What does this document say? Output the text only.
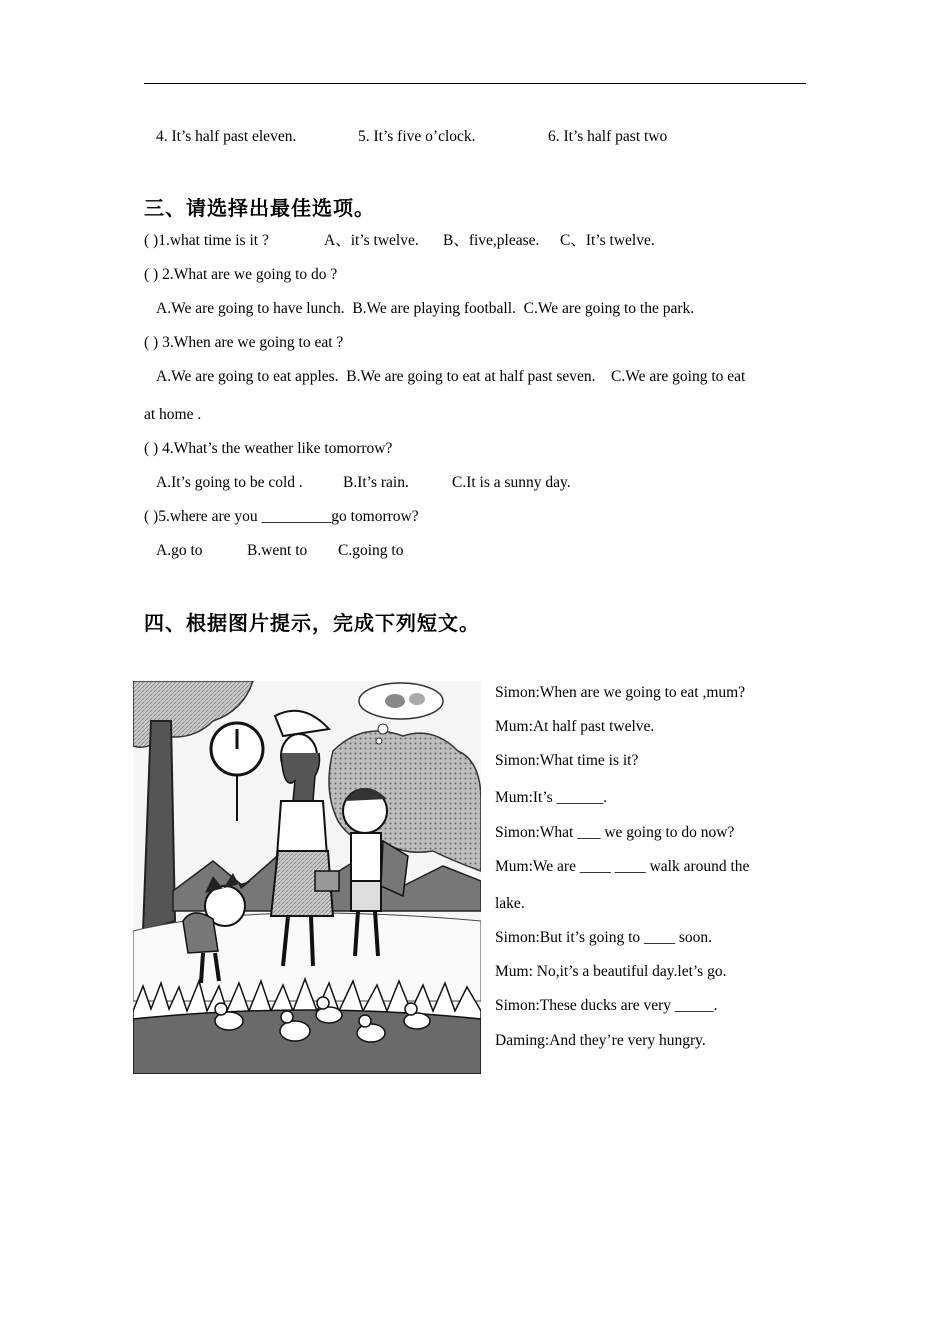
4. It’s half past eleven.	5. It’s five o’clock.	6. It’s half past two
三、请选择出最佳选项。
( )1.what time is it ?	A、it’s twelve. B、five,please. C、It’s twelve.
( ) 2.What are we going to do ?
A.We are going to have lunch.  B.We are playing football.  C.We are going to the park.
( ) 3.When are we going to eat ?
A.We are going to eat apples.  B.We are going to eat at half past seven.    C.We are going to eat
at home .
( ) 4.What’s the weather like tomorrow?
A.It’s going to be cold .	B.It’s rain.	C.It is a sunny day.
( )5.where are you _________go tomorrow?
A.go to	B.went to C.going to
四、根据图片提示，完成下列短文。
Simon:When are we going to eat ,mum?
Mum:At half past twelve.
Simon:What time is it?
Mum:It’s ______.
Simon:What ___ we going to do now?
Mum:We are ____ ____ walk around the
lake.
Simon:But it’s going to ____ soon.
Mum: No,it’s a beautiful day.let’s go.
Simon:These ducks are very _____.
Daming:And they’re very hungry.
